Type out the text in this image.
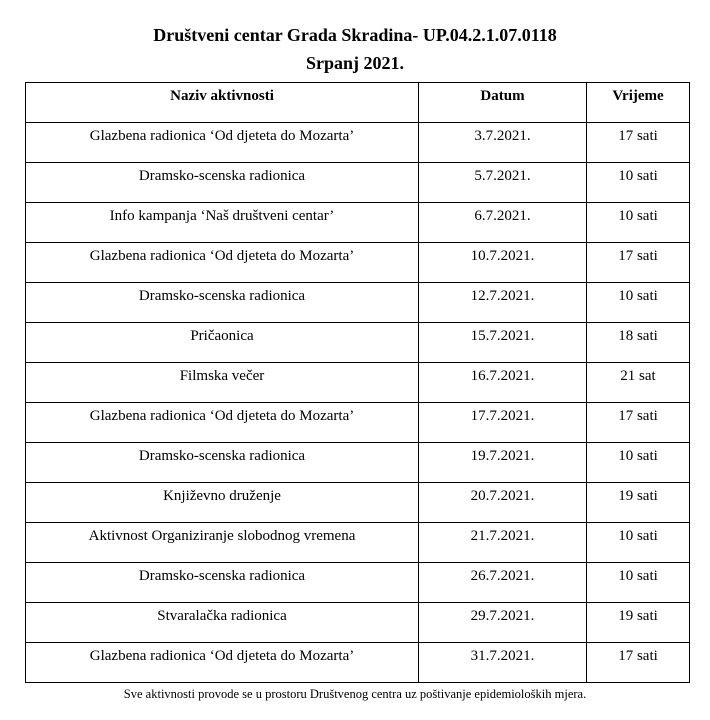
Društveni centar Grada Skradina- UP.04.2.1.07.0118
Srpanj 2021.
Naziv aktivnosti	Datum	Vrijeme
Glazbena radionica ‘Od djeteta do Mozarta’	3.7.2021.	17 sati
Dramsko-scenska radionica	5.7.2021.	10 sati
Info kampanja ‘Naš društveni centar’	6.7.2021.	10 sati
Glazbena radionica ‘Od djeteta do Mozarta’	10.7.2021.	17 sati
Dramsko-scenska radionica	12.7.2021.	10 sati
Pričaonica	15.7.2021.	18 sati
Filmska večer	16.7.2021.	21 sat
Glazbena radionica ‘Od djeteta do Mozarta’	17.7.2021.	17 sati
Dramsko-scenska radionica	19.7.2021.	10 sati
Književno druženje	20.7.2021.	19 sati
Aktivnost Organiziranje slobodnog vremena	21.7.2021.	10 sati
Dramsko-scenska radionica	26.7.2021.	10 sati
Stvaralačka radionica	29.7.2021.	19 sati
Glazbena radionica ‘Od djeteta do Mozarta’	31.7.2021.	17 sati
Sve aktivnosti provode se u prostoru Društvenog centra uz poštivanje epidemioloških mjera.
